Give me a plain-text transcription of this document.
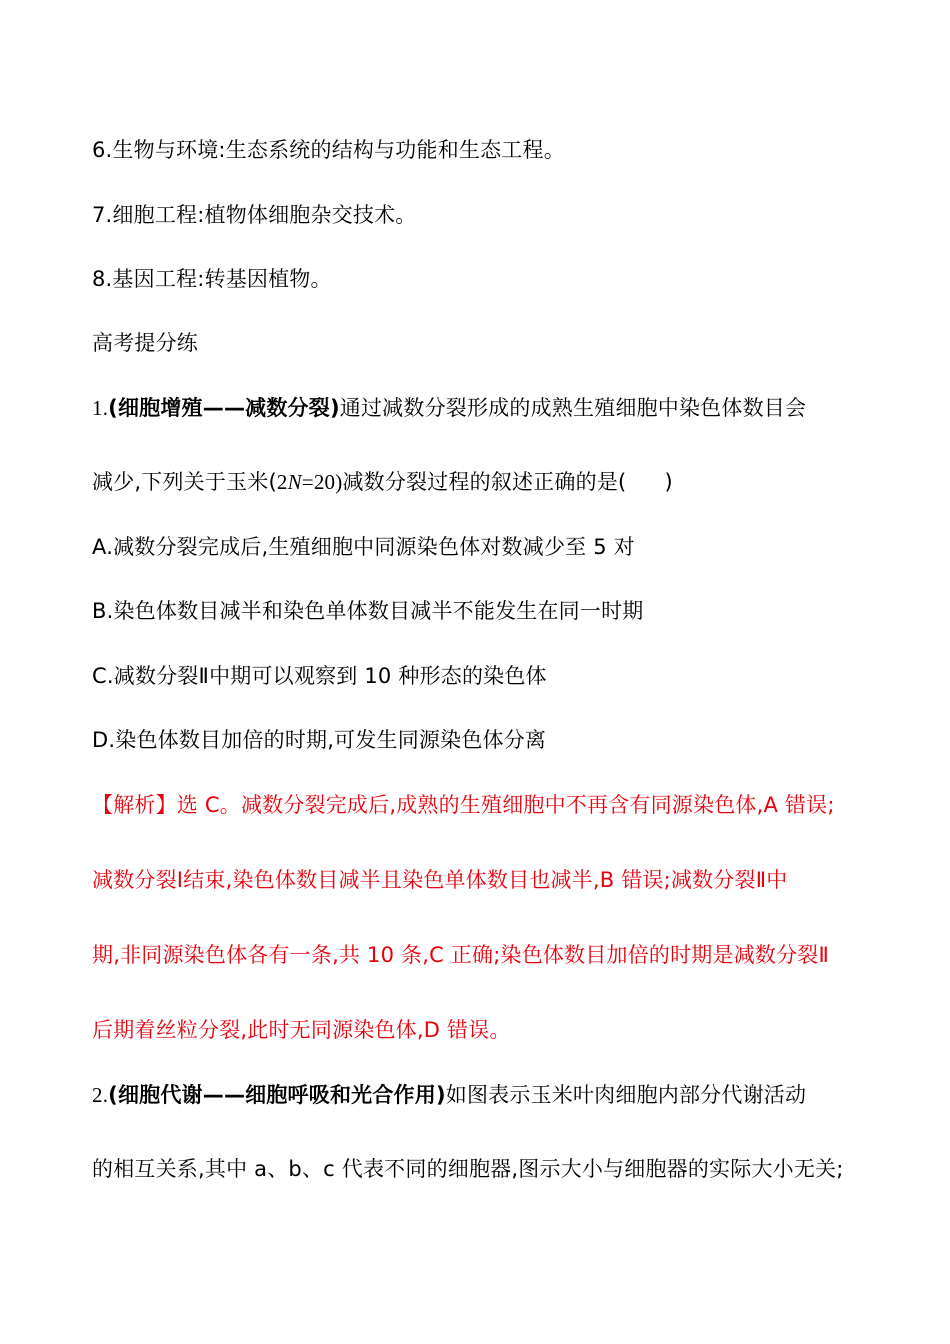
6.生物与环境:生态系统的结构与功能和生态工程。
7.细胞工程:植物体细胞杂交技术。
8.基因工程:转基因植物。
高考提分练
1.(细胞增殖——减数分裂)通过减数分裂形成的成熟生殖细胞中染色体数目会
减少,下列关于玉米(2N=20)减数分裂过程的叙述正确的是( )
A.减数分裂完成后,生殖细胞中同源染色体对数减少至 5 对
B.染色体数目减半和染色单体数目减半不能发生在同一时期
C.减数分裂Ⅱ中期可以观察到 10 种形态的染色体
D.染色体数目加倍的时期,可发生同源染色体分离
【解析】选 C。减数分裂完成后,成熟的生殖细胞中不再含有同源染色体,A 错误;
减数分裂Ⅰ结束,染色体数目减半且染色单体数目也减半,B 错误;减数分裂Ⅱ中
期,非同源染色体各有一条,共 10 条,C 正确;染色体数目加倍的时期是减数分裂Ⅱ
后期着丝粒分裂,此时无同源染色体,D 错误。
2.(细胞代谢——细胞呼吸和光合作用)如图表示玉米叶肉细胞内部分代谢活动
的相互关系,其中 a、b、c 代表不同的细胞器,图示大小与细胞器的实际大小无关;
